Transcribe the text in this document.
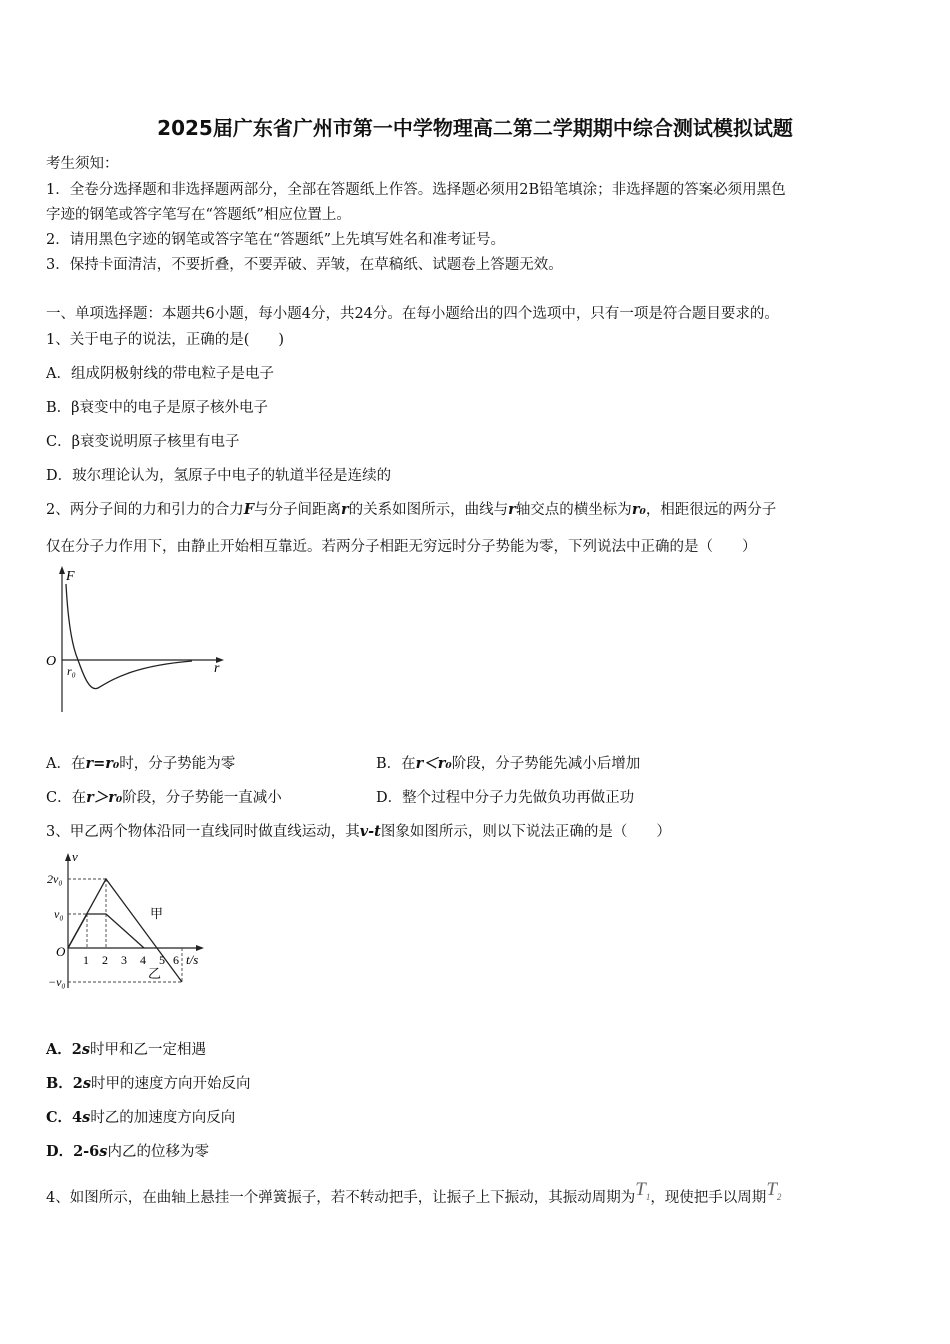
2025届广东省广州市第一中学物理高二第二学期期中综合测试模拟试题
考生须知：
1．全卷分选择题和非选择题两部分，全部在答题纸上作答。选择题必须用2B铅笔填涂；非选择题的答案必须用黑色
字迹的钢笔或答字笔写在“答题纸”相应位置上。
2．请用黑色字迹的钢笔或答字笔在“答题纸”上先填写姓名和准考证号。
3．保持卡面清洁，不要折叠，不要弄破、弄皱，在草稿纸、试题卷上答题无效。
一、单项选择题：本题共6小题，每小题4分，共24分。在每小题给出的四个选项中，只有一项是符合题目要求的。
1、关于电子的说法，正确的是(　　)
A．组成阴极射线的带电粒子是电子
B．β衰变中的电子是原子核外电子
C．β衰变说明原子核里有电子
D．玻尔理论认为，氢原子中电子的轨道半径是连续的
2、两分子间的力和引力的合力F与分子间距离r的关系如图所示，曲线与r轴交点的横坐标为r₀，相距很远的两分子
仅在分子力作用下，由静止开始相互靠近。若两分子相距无穷远时分子势能为零，下列说法中正确的是（　　）
F
r
O
r₀
A．在r=r₀时，分子势能为零	B．在r＜r₀阶段，分子势能先减小后增加
C．在r＞r₀阶段，分子势能一直减小	D．整个过程中分子力先做负功再做正功
3、甲乙两个物体沿同一直线同时做直线运动，其v-t图象如图所示，则以下说法正确的是（　　）
v
t/s
O
2v₀
v₀
−v₀
1 2 3 4 5 6
甲
乙
A．2s时甲和乙一定相遇
B．2s时甲的速度方向开始反向
C．4s时乙的加速度方向反向
D．2-6s内乙的位移为零
4、如图所示，在曲轴上悬挂一个弹簧振子，若不转动把手，让振子上下振动，其振动周期为$T_1$，现使把手以周期$T_2$
